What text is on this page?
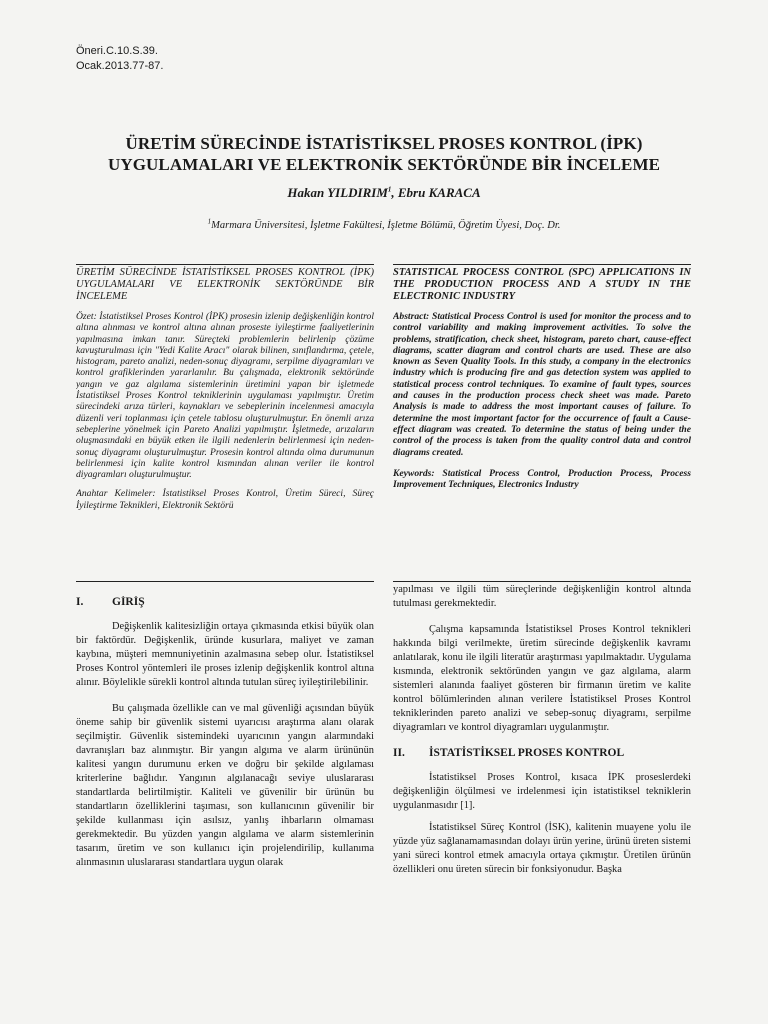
Öneri.C.10.S.39.
Ocak.2013.77-87.
ÜRETİM SÜRECİNDE İSTATİSTİKSEL PROSES KONTROL (İPK)
UYGULAMALARI VE ELEKTRONİK SEKTÖRÜNDE BİR İNCELEME
Hakan YILDIRIM$^1$, Ebru KARACA
$^1$Marmara Üniversitesi, İşletme Fakültesi, İşletme Bölümü, Öğretim Üyesi, Doç. Dr.
ÜRETİM SÜRECİNDE İSTATİSTİKSEL PROSES KONTROL (İPK) UYGULAMALARI VE ELEKTRONİK SEKTÖRÜNDE BİR İNCELEME
Özet: İstatistiksel Proses Kontrol (İPK) prosesin izlenip değişkenliğin kontrol altına alınması ve kontrol altına alınan proseste iyileştirme faaliyetlerinin yapılmasına imkan tanır. Süreçteki problemlerin belirlenip çözüme kavuşturulması için "Yedi Kalite Aracı" olarak bilinen, sınıflandırma, çetele, histogram, pareto analizi, neden-sonuç diyagramı, serpilme diyagramları ve kontrol grafiklerinden yararlanılır. Bu çalışmada, elektronik sektöründe yangın ve gaz algılama sistemlerinin üretimini yapan bir işletmede İstatistiksel Proses Kontrol tekniklerinin uygulaması yapılmıştır. Üretim sürecindeki arıza türleri, kaynakları ve sebeplerinin incelenmesi amacıyla düzenli veri toplanması için çetele tablosu oluşturulmuştur. En önemli arıza sebeplerine yönelmek için Pareto Analizi yapılmıştır. İşletmede, arızaların oluşmasındaki en büyük etken ile ilgili nedenlerin belirlenmesi için neden-sonuç diyagramı oluşturulmuştur. Prosesin kontrol altında olma durumunun belirlenmesi için kalite kontrol kısmından alınan veriler ile kontrol diyagramları oluşturulmuştur.
Anahtar Kelimeler: İstatistiksel Proses Kontrol, Üretim Süreci, Süreç İyileştirme Teknikleri, Elektronik Sektörü
STATISTICAL PROCESS CONTROL (SPC) APPLICATIONS IN THE PRODUCTION PROCESS AND A STUDY IN THE ELECTRONIC INDUSTRY
Abstract: Statistical Process Control is used for monitor the process and to control variability and making improvement activities. To solve the problems, stratification, check sheet, histogram, pareto chart, cause-effect diagrams, scatter diagram and control charts are used. These are also known as Seven Quality Tools. In this study, a company in the electronics industry which is producing fire and gas detection system was applied to statistical process control techniques. To examine of fault types, sources and causes in the production process check sheet was made. Pareto Analysis is made to address the most important causes of failure. To determine the most important factor for the occurrence of fault a Cause-effect diagram was created. To determine the status of being under the control of the process is taken from the quality control data and control diagrams created.
Keywords: Statistical Process Control, Production Process, Process Improvement Techniques, Electronics Industry
I.	GİRİŞ

Değişkenlik kalitesizliğin ortaya çıkmasında etkisi büyük olan bir faktördür. Değişkenlik, üründe kusurlara, maliyet ve zaman kaybına, müşteri memnuniyetinin azalmasına sebep olur. İstatistiksel Proses Kontrol yöntemleri ile proses izlenip değişkenlik kontrol altına alınır. Böylelikle sürekli kontrol altında tutulan süreç iyileştirilebilinir.

Bu çalışmada özellikle can ve mal güvenliği açısından büyük öneme sahip bir güvenlik sistemi uyarıcısı araştırma alanı olarak seçilmiştir. Güvenlik sistemindeki uyarıcının yangın alarmındaki davranışları baz alınmıştır. Bir yangın algıma ve alarm ürününün kalitesi yangın durumunu erken ve doğru bir şekilde algılaması kriterlerine bağlıdır. Yangının algılanacağı seviye uluslararası standartlarda belirtilmiştir. Kaliteli ve güvenilir bir ürünün bu standartların özelliklerini taşıması, son kullanıcının güvenilir bir şekilde kullanması için asılsız, yanlış ihbarların olmaması gerekmektedir. Bu yüzden yangın algılama ve alarm sistemlerinin tasarım, üretim ve son kullanıcı için projelendirilip, kullanıma alınmasının uluslararası standartlara uygun olarak

yapılması ve ilgili tüm süreçlerinde değişkenliğin kontrol altında tutulması gerekmektedir.

Çalışma kapsamında İstatistiksel Proses Kontrol teknikleri hakkında bilgi verilmekte, üretim sürecinde değişkenlik kavramı anlatılarak, konu ile ilgili literatür araştırması yapılmaktadır. Uygulama kısmında, elektronik sektöründen yangın ve gaz algılama, alarm sistemleri alanında faaliyet gösteren bir firmanın üretim ve kalite kontrol bölümlerinden alınan verilere İstatistiksel Proses Kontrol tekniklerinden pareto analizi ve sebep-sonuç diyagramı, serpilme diyagramları ve kontrol diyagramları uygulanmıştır.

II.	İSTATİSTİKSEL PROSES KONTROL

İstatistiksel Proses Kontrol, kısaca İPK proseslerdeki değişkenliğin ölçülmesi ve irdelenmesi için istatistiksel tekniklerin uygulanmasıdır [1].

İstatistiksel Süreç Kontrol (İSK), kalitenin muayene yolu ile yüzde yüz sağlanamamasından dolayı ürün yerine, ürünü üreten sistemi yani süreci kontrol etmek amacıyla ortaya çıkmıştır. Üretilen ürünün özellikleri onu üreten sürecin bir fonksiyonudur. Başka
